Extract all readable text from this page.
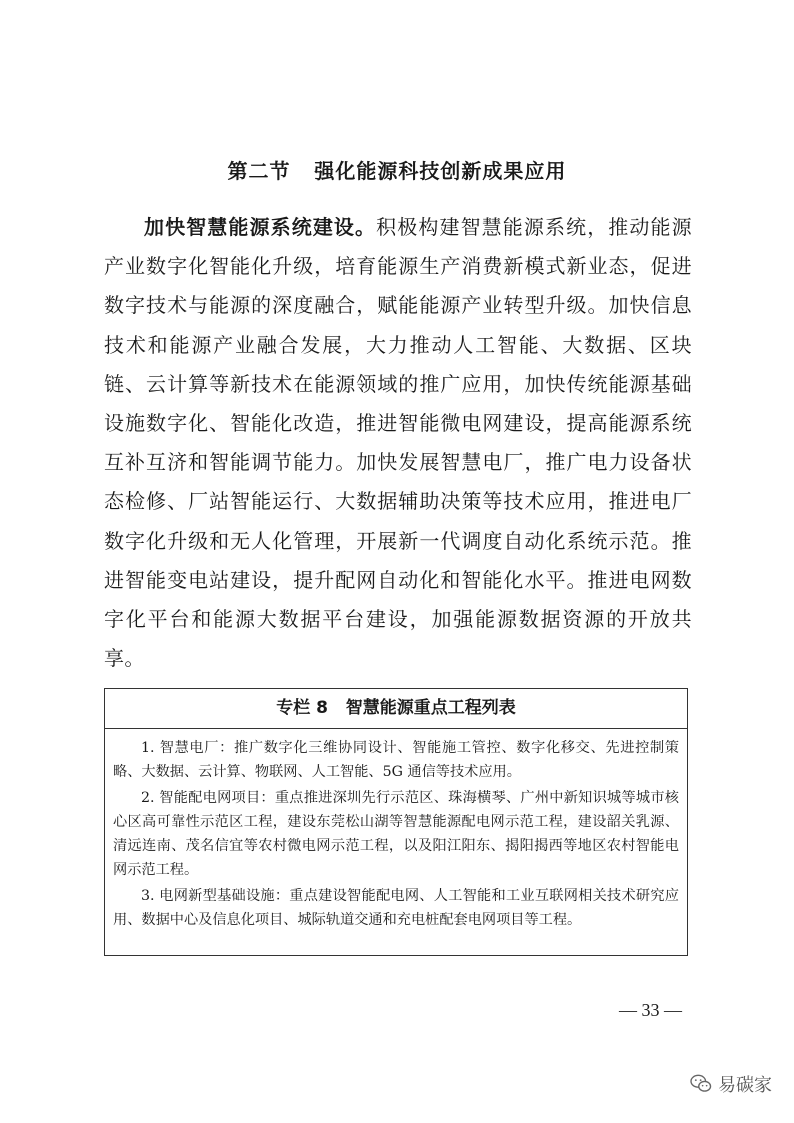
第二节   强化能源科技创新成果应用

加快智慧能源系统建设。积极构建智慧能源系统，推动能源产业数字化智能化升级，培育能源生产消费新模式新业态，促进数字技术与能源的深度融合，赋能能源产业转型升级。加快信息技术和能源产业融合发展，大力推动人工智能、大数据、区块链、云计算等新技术在能源领域的推广应用，加快传统能源基础设施数字化、智能化改造，推进智能微电网建设，提高能源系统互补互济和智能调节能力。加快发展智慧电厂，推广电力设备状态检修、厂站智能运行、大数据辅助决策等技术应用，推进电厂数字化升级和无人化管理，开展新一代调度自动化系统示范。推进智能变电站建设，提升配网自动化和智能化水平。推进电网数字化平台和能源大数据平台建设，加强能源数据资源的开放共享。

专栏 8   智慧能源重点工程列表

1. 智慧电厂：推广数字化三维协同设计、智能施工管控、数字化移交、先进控制策略、大数据、云计算、物联网、人工智能、5G 通信等技术应用。

2. 智能配电网项目：重点推进深圳先行示范区、珠海横琴、广州中新知识城等城市核心区高可靠性示范区工程，建设东莞松山湖等智慧能源配电网示范工程，建设韶关乳源、清远连南、茂名信宜等农村微电网示范工程，以及阳江阳东、揭阳揭西等地区农村智能电网示范工程。

3. 电网新型基础设施：重点建设智能配电网、人工智能和工业互联网相关技术研究应用、数据中心及信息化项目、城际轨道交通和充电桩配套电网项目等工程。

— 33 —
易碳家
